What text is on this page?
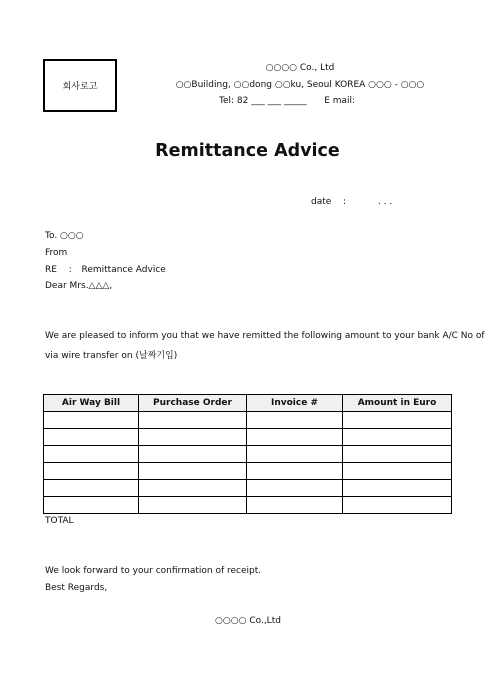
회사로고
○○○○ Co., Ltd
○○Building, ○○dong ○○ku, Seoul KOREA ○○○ - ○○○
Tel: 82 ___ ___ _____ E mail:
Remittance Advice
date :	. . .
To. ○○○
From
RE : Remittance Advice
Dear Mrs.△△△,
We are pleased to inform you that we have remitted the following amount to your bank A/C No of
via wire transfer on (날짜기입)
Air Way Bill	Purchase Order	Invoice #	Amount in Euro

TOTAL
We look forward to your confirmation of receipt.
Best Regards,
○○○○ Co.,Ltd
